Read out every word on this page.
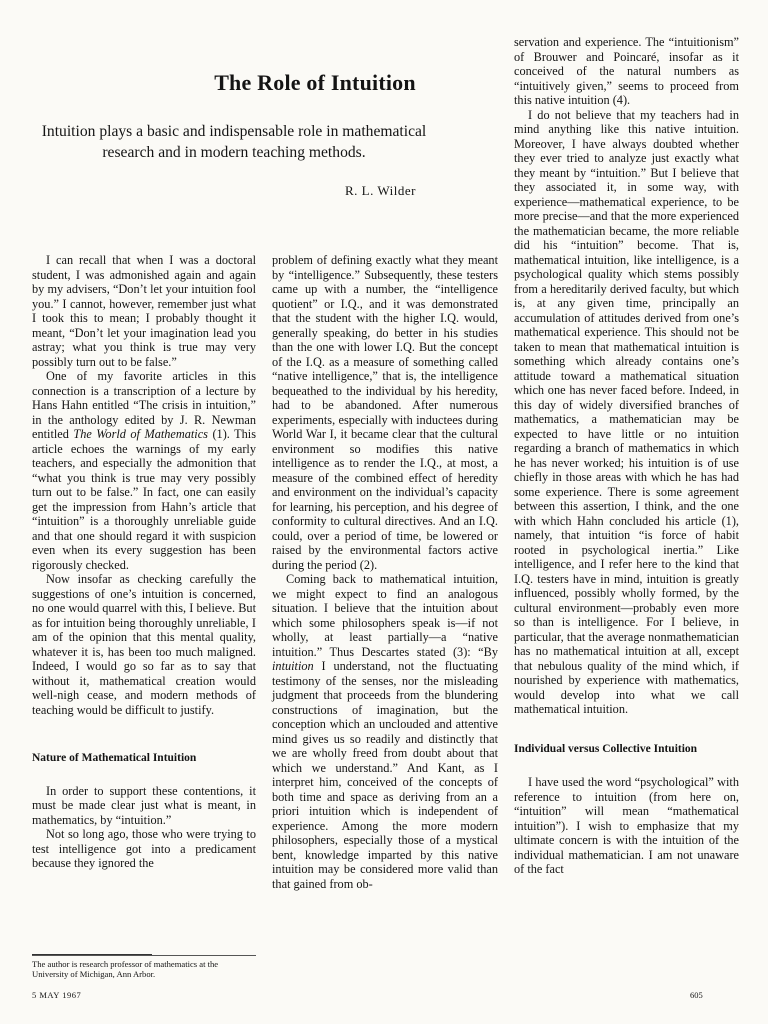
The Role of Intuition

Intuition plays a basic and indispensable role in mathematical research and in modern teaching methods.

R. L. Wilder

I can recall that when I was a doctoral student, I was admonished again and again by my advisers, “Don’t let your intuition fool you.” I cannot, however, remember just what I took this to mean; I probably thought it meant, “Don’t let your imagination lead you astray; what you think is true may very possibly turn out to be false.”

One of my favorite articles in this connection is a transcription of a lecture by Hans Hahn entitled “The crisis in intuition,” in the anthology edited by J. R. Newman entitled The World of Mathematics (1). This article echoes the warnings of my early teachers, and especially the admonition that “what you think is true may very possibly turn out to be false.” In fact, one can easily get the impression from Hahn’s article that “intuition” is a thoroughly unreliable guide and that one should regard it with suspicion even when its every suggestion has been rigorously checked.

Now insofar as checking carefully the suggestions of one’s intuition is concerned, no one would quarrel with this, I believe. But as for intuition being thoroughly unreliable, I am of the opinion that this mental quality, whatever it is, has been too much maligned. Indeed, I would go so far as to say that without it, mathematical creation would well-nigh cease, and modern methods of teaching would be difficult to justify.

Nature of Mathematical Intuition

In order to support these contentions, it must be made clear just what is meant, in mathematics, by “intuition.”

Not so long ago, those who were trying to test intelligence got into a predicament because they ignored the

The author is research professor of mathematics at the University of Michigan, Ann Arbor.

problem of defining exactly what they meant by “intelligence.” Subsequently, these testers came up with a number, the “intelligence quotient” or I.Q., and it was demonstrated that the student with the higher I.Q. would, generally speaking, do better in his studies than the one with lower I.Q. But the concept of the I.Q. as a measure of something called “native intelligence,” that is, the intelligence bequeathed to the individual by his heredity, had to be abandoned. After numerous experiments, especially with inductees during World War I, it became clear that the cultural environment so modifies this native intelligence as to render the I.Q., at most, a measure of the combined effect of heredity and environment on the individual’s capacity for learning, his perception, and his degree of conformity to cultural directives. And an I.Q. could, over a period of time, be lowered or raised by the environmental factors active during the period (2).

Coming back to mathematical intuition, we might expect to find an analogous situation. I believe that the intuition about which some philosophers speak is—if not wholly, at least partially—a “native intuition.” Thus Descartes stated (3): “By intuition I understand, not the fluctuating testimony of the senses, nor the misleading judgment that proceeds from the blundering constructions of imagination, but the conception which an unclouded and attentive mind gives us so readily and distinctly that we are wholly freed from doubt about that which we understand.” And Kant, as I interpret him, conceived of the concepts of both time and space as deriving from an a priori intuition which is independent of experience. Among the more modern philosophers, especially those of a mystical bent, knowledge imparted by this native intuition may be considered more valid than that gained from ob-

servation and experience. The “intuitionism” of Brouwer and Poincaré, insofar as it conceived of the natural numbers as “intuitively given,” seems to proceed from this native intuition (4).

I do not believe that my teachers had in mind anything like this native intuition. Moreover, I have always doubted whether they ever tried to analyze just exactly what they meant by “intuition.” But I believe that they associated it, in some way, with experience—mathematical experience, to be more precise—and that the more experienced the mathematician became, the more reliable did his “intuition” become. That is, mathematical intuition, like intelligence, is a psychological quality which stems possibly from a hereditarily derived faculty, but which is, at any given time, principally an accumulation of attitudes derived from one’s mathematical experience. This should not be taken to mean that mathematical intuition is something which already contains one’s attitude toward a mathematical situation which one has never faced before. Indeed, in this day of widely diversified branches of mathematics, a mathematician may be expected to have little or no intuition regarding a branch of mathematics in which he has never worked; his intuition is of use chiefly in those areas with which he has had some experience. There is some agreement between this assertion, I think, and the one with which Hahn concluded his article (1), namely, that intuition “is force of habit rooted in psychological inertia.” Like intelligence, and I refer here to the kind that I.Q. testers have in mind, intuition is greatly influenced, possibly wholly formed, by the cultural environment—probably even more so than is intelligence. For I believe, in particular, that the average nonmathematician has no mathematical intuition at all, except that nebulous quality of the mind which, if nourished by experience with mathematics, would develop into what we call mathematical intuition.

Individual versus Collective Intuition

I have used the word “psychological” with reference to intuition (from here on, “intuition” will mean “mathematical intuition”). I wish to emphasize that my ultimate concern is with the intuition of the individual mathematician. I am not unaware of the fact

5 MAY 1967	605
